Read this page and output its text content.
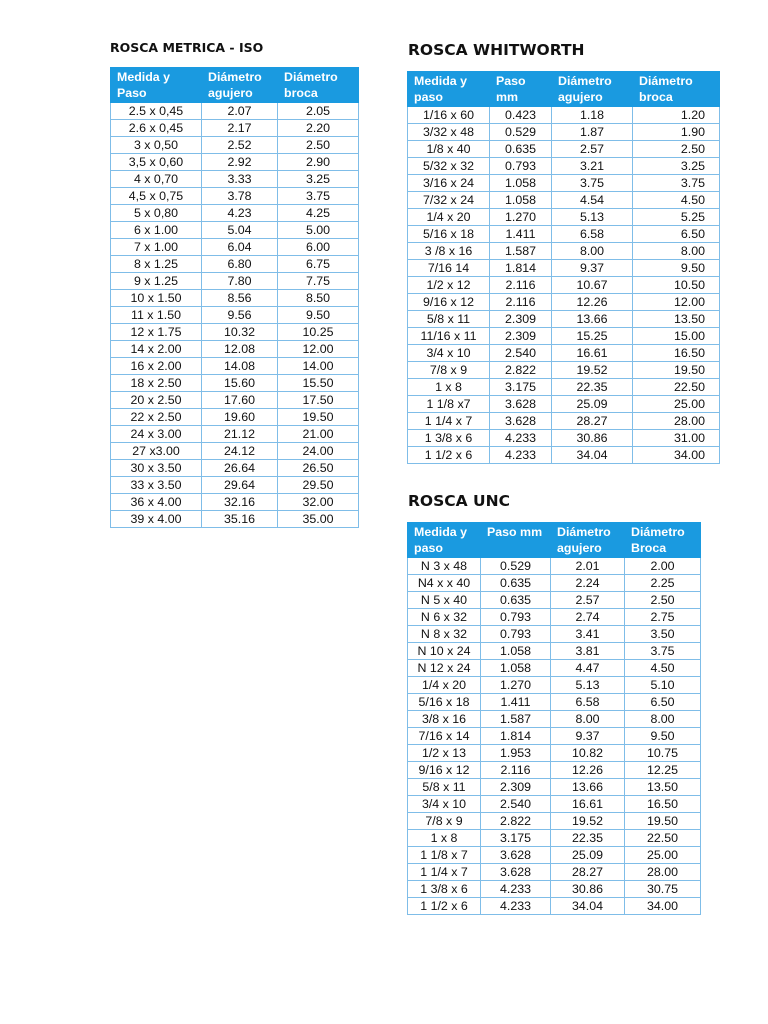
ROSCA METRICA - ISO
Medida y Paso	Diámetro agujero	Diámetro broca
2.5 x 0,45	2.07	2.05
2.6 x 0,45	2.17	2.20
3 x 0,50	2.52	2.50
3,5 x 0,60	2.92	2.90
4 x 0,70	3.33	3.25
4,5 x 0,75	3.78	3.75
5 x 0,80	4.23	4.25
6 x 1.00	5.04	5.00
7 x 1.00	6.04	6.00
8 x 1.25	6.80	6.75
9 x 1.25	7.80	7.75
10 x 1.50	8.56	8.50
11 x 1.50	9.56	9.50
12 x 1.75	10.32	10.25
14 x 2.00	12.08	12.00
16 x 2.00	14.08	14.00
18 x 2.50	15.60	15.50
20 x 2.50	17.60	17.50
22 x 2.50	19.60	19.50
24 x 3.00	21.12	21.00
27 x3.00	24.12	24.00
30 x 3.50	26.64	26.50
33 x 3.50	29.64	29.50
36 x 4.00	32.16	32.00
39 x 4.00	35.16	35.00
ROSCA WHITWORTH
Medida y paso	Paso mm	Diámetro agujero	Diámetro broca
1/16 x 60	0.423	1.18	1.20
3/32 x 48	0.529	1.87	1.90
1/8 x 40	0.635	2.57	2.50
5/32 x 32	0.793	3.21	3.25
3/16 x 24	1.058	3.75	3.75
7/32 x 24	1.058	4.54	4.50
1/4 x 20	1.270	5.13	5.25
5/16 x 18	1.411	6.58	6.50
3 /8 x 16	1.587	8.00	8.00
7/16 14	1.814	9.37	9.50
1/2 x 12	2.116	10.67	10.50
9/16 x 12	2.116	12.26	12.00
5/8 x 11	2.309	13.66	13.50
11/16 x 11	2.309	15.25	15.00
3/4 x 10	2.540	16.61	16.50
7/8 x 9	2.822	19.52	19.50
1 x 8	3.175	22.35	22.50
1 1/8 x7	3.628	25.09	25.00
1 1/4 x 7	3.628	28.27	28.00
1 3/8 x 6	4.233	30.86	31.00
1 1/2 x 6	4.233	34.04	34.00
ROSCA UNC
Medida y paso	Paso mm	Diámetro agujero	Diámetro Broca
N 3 x 48	0.529	2.01	2.00
N4 x x 40	0.635	2.24	2.25
N 5 x 40	0.635	2.57	2.50
N 6 x 32	0.793	2.74	2.75
N 8 x 32	0.793	3.41	3.50
N 10 x 24	1.058	3.81	3.75
N 12 x 24	1.058	4.47	4.50
1/4 x 20	1.270	5.13	5.10
5/16 x 18	1.411	6.58	6.50
3/8 x 16	1.587	8.00	8.00
7/16 x 14	1.814	9.37	9.50
1/2 x 13	1.953	10.82	10.75
9/16 x 12	2.116	12.26	12.25
5/8 x 11	2.309	13.66	13.50
3/4 x 10	2.540	16.61	16.50
7/8 x 9	2.822	19.52	19.50
1 x 8	3.175	22.35	22.50
1 1/8 x 7	3.628	25.09	25.00
1 1/4 x 7	3.628	28.27	28.00
1 3/8 x 6	4.233	30.86	30.75
1 1/2 x 6	4.233	34.04	34.00
